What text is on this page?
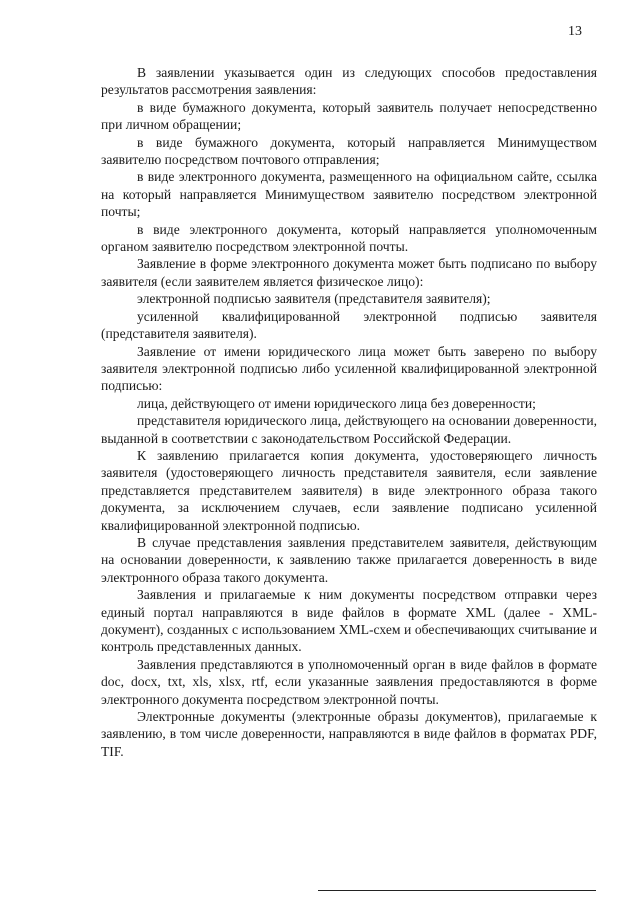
13

В заявлении указывается один из следующих способов предоставления результатов рассмотрения заявления:

в виде бумажного документа, который заявитель получает непосредственно при личном обращении;

в виде бумажного документа, который направляется Минимуществом заявителю посредством почтового отправления;

в виде электронного документа, размещенного на официальном сайте, ссылка на который направляется Минимуществом заявителю посредством электронной почты;

в виде электронного документа, который направляется уполномоченным органом заявителю посредством электронной почты.

Заявление в форме электронного документа может быть подписано по выбору заявителя (если заявителем является физическое лицо):

электронной подписью заявителя (представителя заявителя);

усиленной квалифицированной электронной подписью заявителя (представителя заявителя).

Заявление от имени юридического лица может быть заверено по выбору заявителя электронной подписью либо усиленной квалифицированной электронной подписью:

лица, действующего от имени юридического лица без доверенности;

представителя юридического лица, действующего на основании доверенности, выданной в соответствии с законодательством Российской Федерации.

К заявлению прилагается копия документа, удостоверяющего личность заявителя (удостоверяющего личность представителя заявителя, если заявление представляется представителем заявителя) в виде электронного образа такого документа, за исключением случаев, если заявление подписано усиленной квалифицированной электронной подписью.

В случае представления заявления представителем заявителя, действующим на основании доверенности, к заявлению также прилагается доверенность в виде электронного образа такого документа.

Заявления и прилагаемые к ним документы посредством отправки через единый портал направляются в виде файлов в формате XML (далее - XML-документ), созданных с использованием XML-схем и обеспечивающих считывание и контроль представленных данных.

Заявления представляются в уполномоченный орган в виде файлов в формате doc, docx, txt, xls, xlsx, rtf, если указанные заявления предоставляются в форме электронного документа посредством электронной почты.

Электронные документы (электронные образы документов), прилагаемые к заявлению, в том числе доверенности, направляются в виде файлов в форматах PDF, TIF.
